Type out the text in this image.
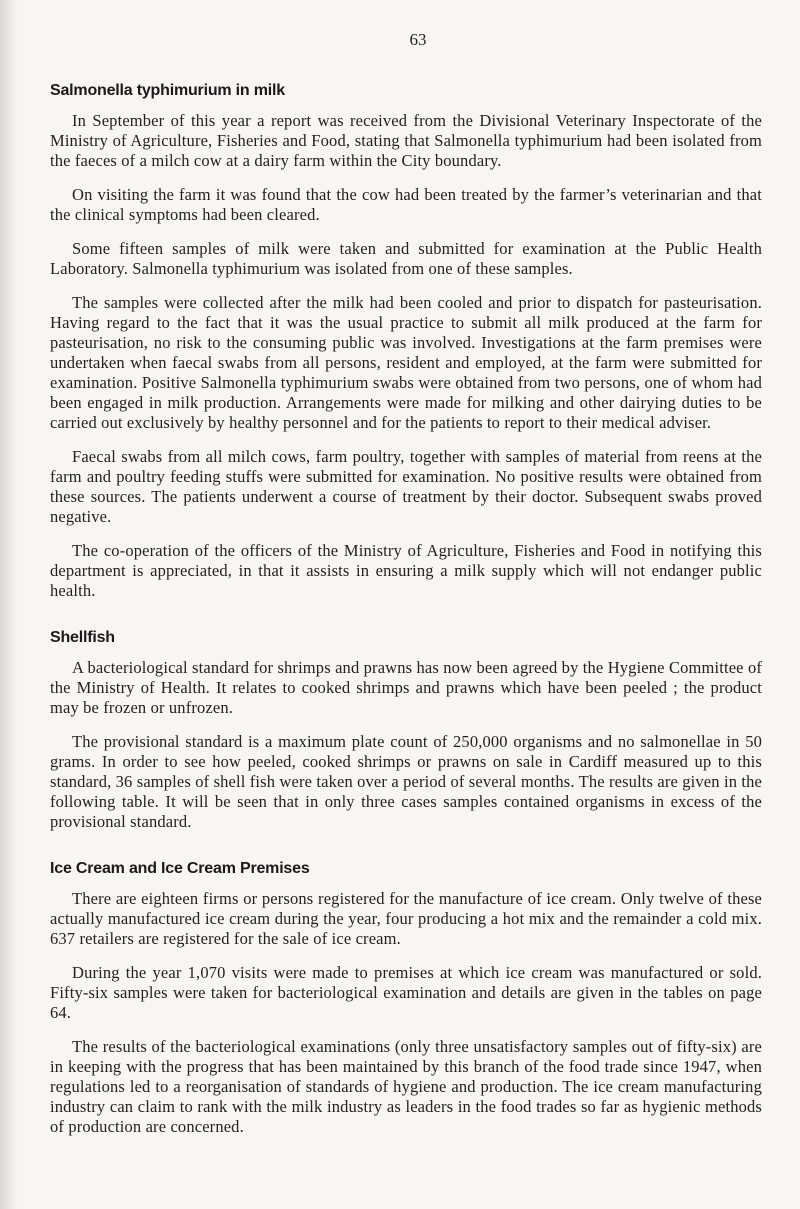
63
Salmonella typhimurium in milk

In September of this year a report was received from the Divisional Veterinary Inspectorate of the Ministry of Agriculture, Fisheries and Food, stating that Salmonella typhimurium had been isolated from the faeces of a milch cow at a dairy farm within the City boundary.

On visiting the farm it was found that the cow had been treated by the farmer’s veterinarian and that the clinical symptoms had been cleared.

Some fifteen samples of milk were taken and submitted for examination at the Public Health Laboratory. Salmonella typhimurium was isolated from one of these samples.

The samples were collected after the milk had been cooled and prior to dispatch for pasteurisation. Having regard to the fact that it was the usual practice to submit all milk produced at the farm for pasteurisation, no risk to the consuming public was involved. Investigations at the farm premises were undertaken when faecal swabs from all persons, resident and employed, at the farm were submitted for examination. Positive Salmonella typhimurium swabs were obtained from two persons, one of whom had been engaged in milk production. Arrangements were made for milking and other dairying duties to be carried out exclusively by healthy personnel and for the patients to report to their medical adviser.

Faecal swabs from all milch cows, farm poultry, together with samples of material from reens at the farm and poultry feeding stuffs were submitted for examination. No positive results were obtained from these sources. The patients underwent a course of treatment by their doctor. Subsequent swabs proved negative.

The co-operation of the officers of the Ministry of Agriculture, Fisheries and Food in notifying this department is appreciated, in that it assists in ensuring a milk supply which will not endanger public health.

Shellfish

A bacteriological standard for shrimps and prawns has now been agreed by the Hygiene Committee of the Ministry of Health. It relates to cooked shrimps and prawns which have been peeled ; the product may be frozen or unfrozen.

The provisional standard is a maximum plate count of 250,000 organisms and no salmonellae in 50 grams. In order to see how peeled, cooked shrimps or prawns on sale in Cardiff measured up to this standard, 36 samples of shell fish were taken over a period of several months. The results are given in the following table. It will be seen that in only three cases samples contained organisms in excess of the provisional standard.

Ice Cream and Ice Cream Premises

There are eighteen firms or persons registered for the manufacture of ice cream. Only twelve of these actually manufactured ice cream during the year, four producing a hot mix and the remainder a cold mix. 637 retailers are registered for the sale of ice cream.

During the year 1,070 visits were made to premises at which ice cream was manufactured or sold. Fifty-six samples were taken for bacteriological examination and details are given in the tables on page 64.

The results of the bacteriological examinations (only three unsatisfactory samples out of fifty-six) are in keeping with the progress that has been maintained by this branch of the food trade since 1947, when regulations led to a reorganisation of standards of hygiene and production. The ice cream manufacturing industry can claim to rank with the milk industry as leaders in the food trades so far as hygienic methods of production are concerned.
